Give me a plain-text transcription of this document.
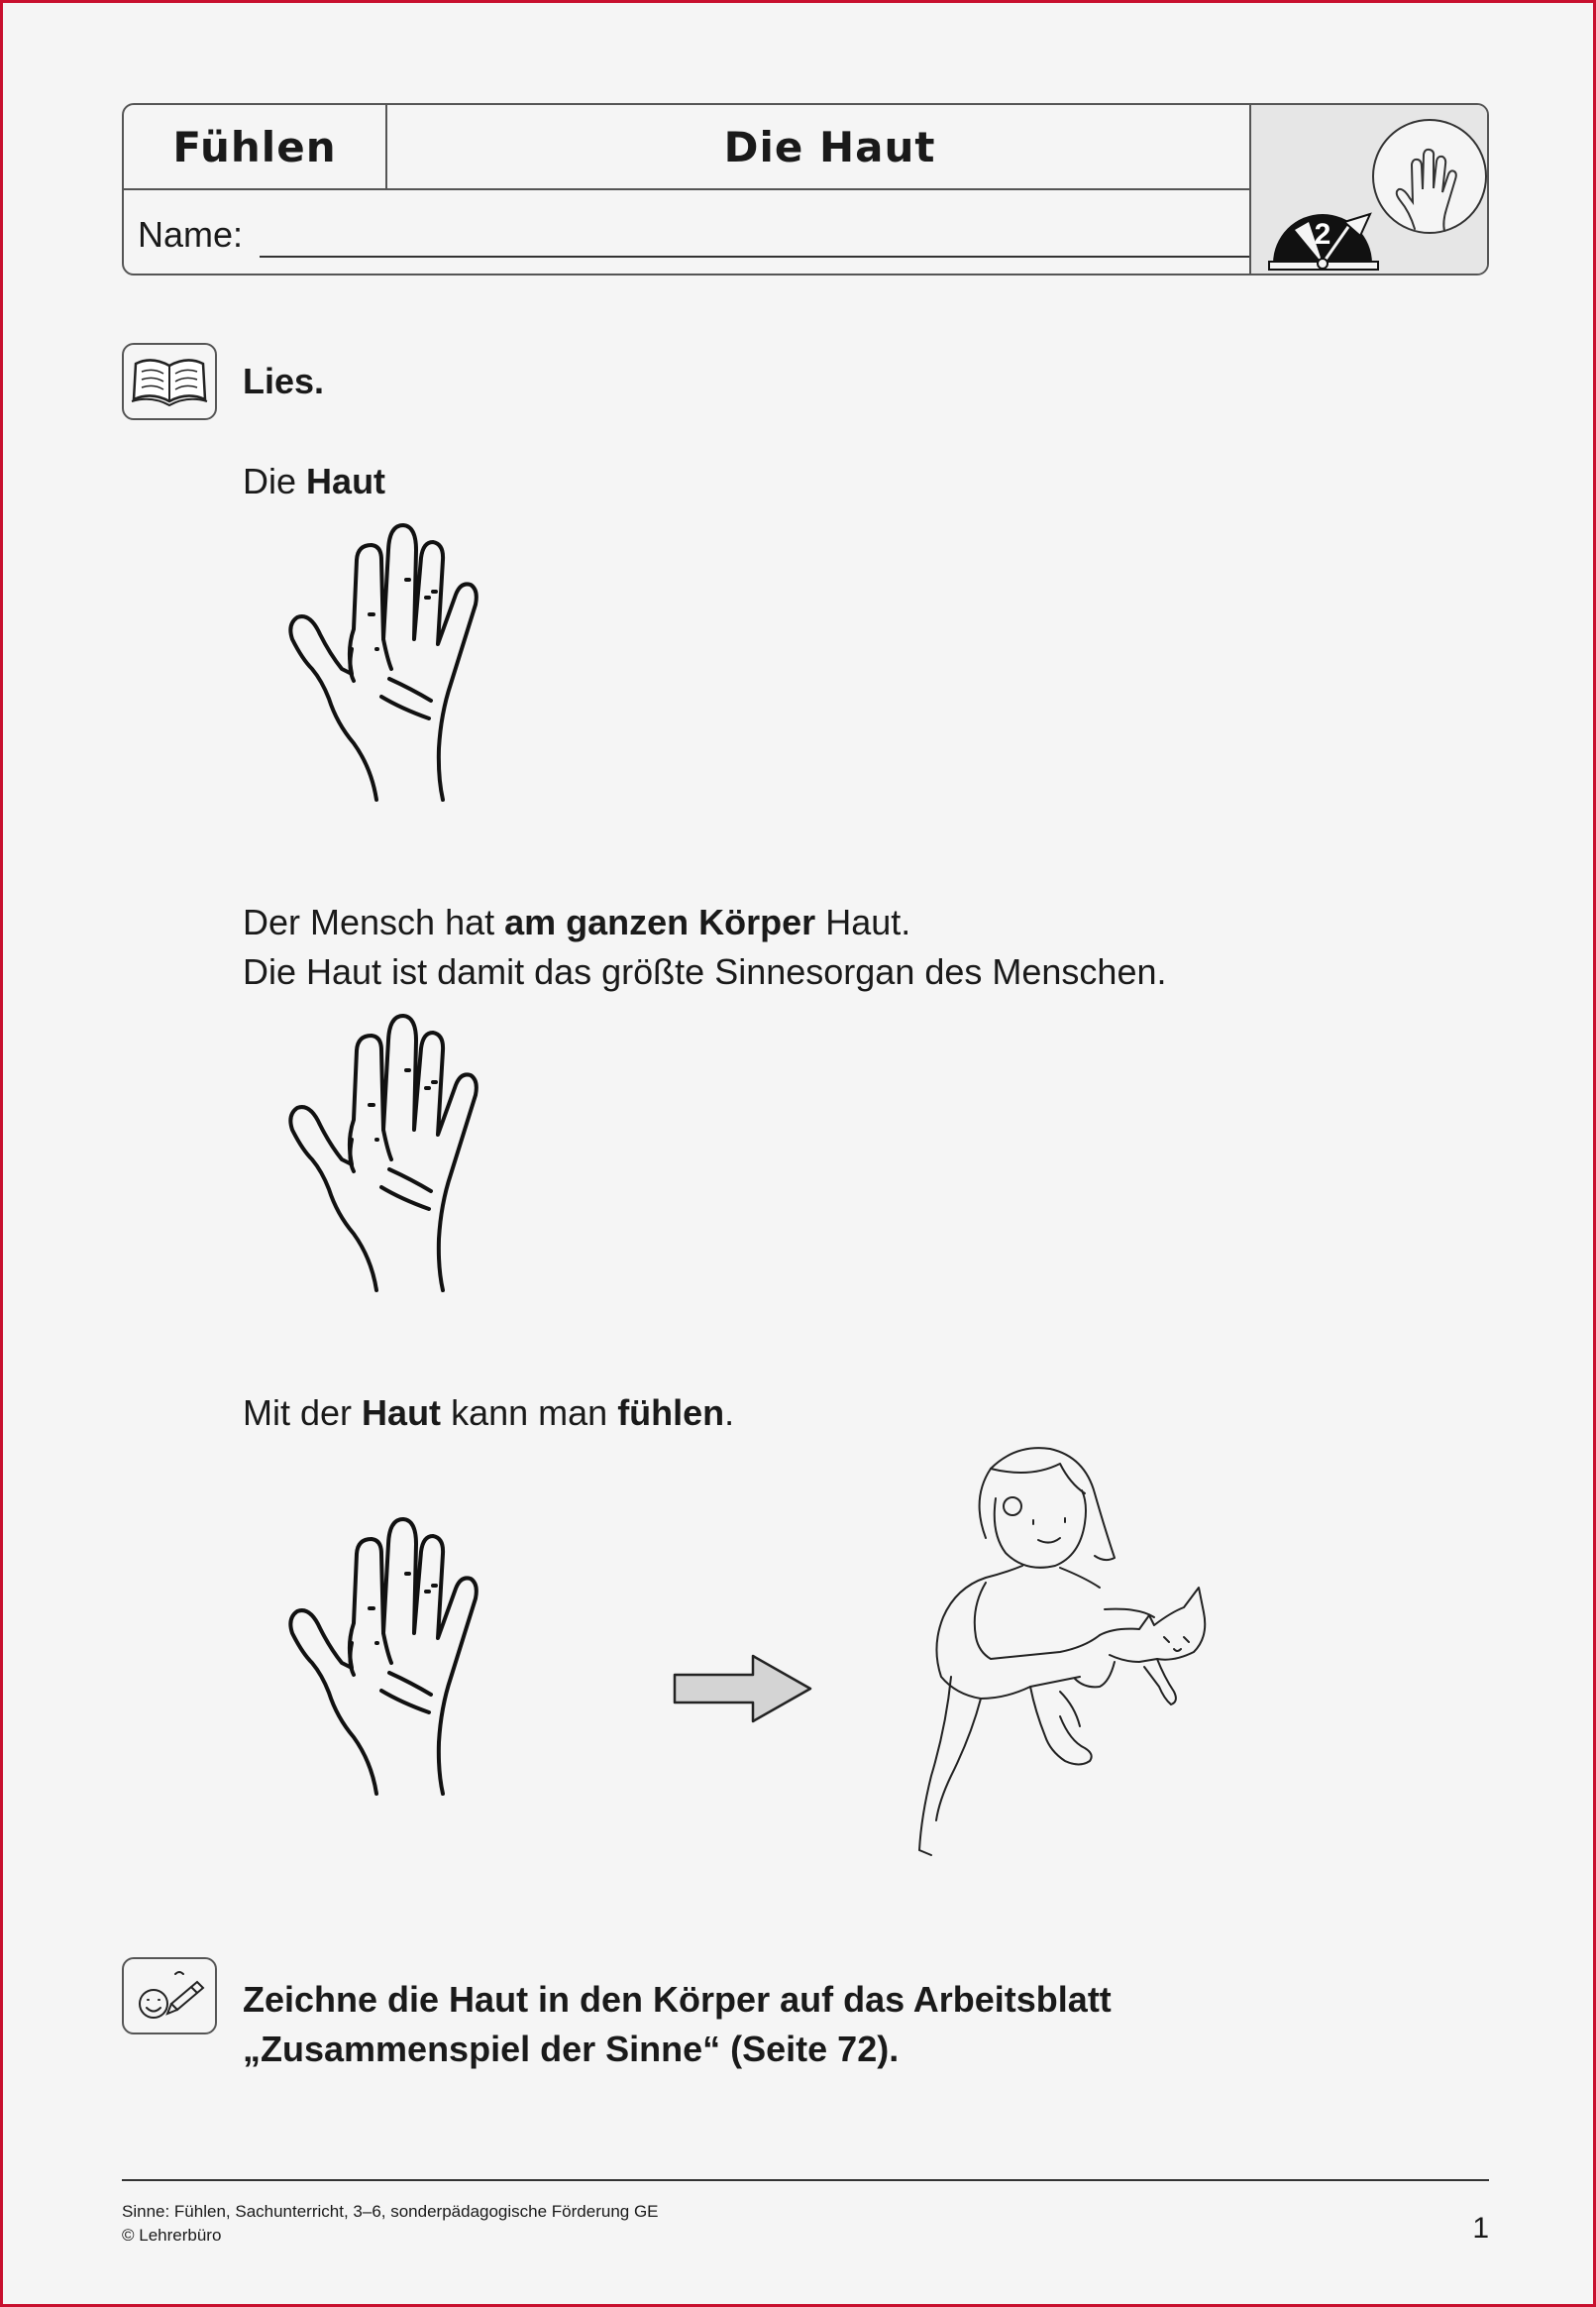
Fühlen	Die Haut
Name:	2
Lies.
Die Haut
Der Mensch hat am ganzen Körper Haut.
Die Haut ist damit das größte Sinnesorgan des Menschen.
Mit der Haut kann man fühlen.
Zeichne die Haut in den Körper auf das Arbeitsblatt
„Zusammenspiel der Sinne“ (Seite 72).
Sinne: Fühlen, Sachunterricht, 3–6, sonderpädagogische Förderung GE
© Lehrerbüro	1
